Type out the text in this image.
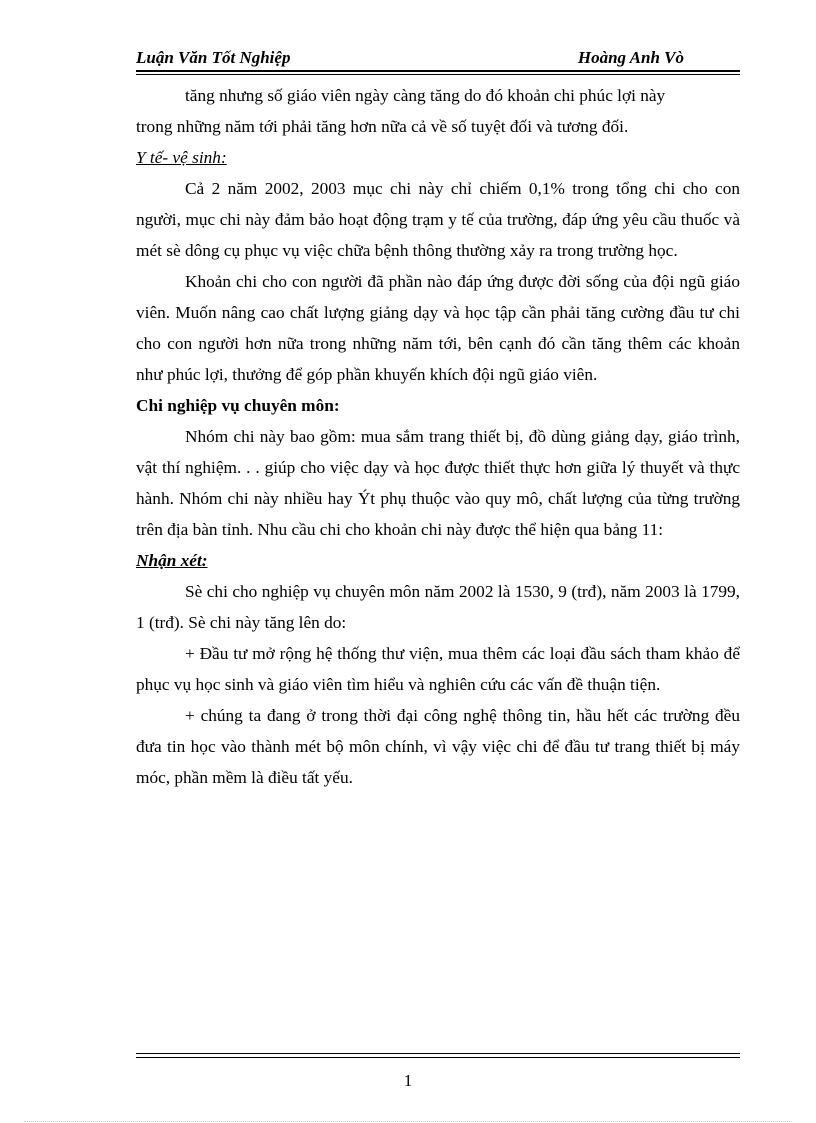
Luận Văn Tốt Nghiệp	Hoàng Anh Vò

tăng nhưng số giáo viên ngày càng tăng do đó khoản chi phúc lợi này
trong những năm tới phải tăng hơn nữa cả về số tuyệt đối và tương đối.

Y tế- vệ sinh:

Cả 2 năm 2002, 2003 mục chi này chỉ chiếm 0,1% trong tổng chi cho con người, mục chi này đảm bảo hoạt động trạm y tế của trường, đáp ứng yêu cầu thuốc và mét sè dông cụ phục vụ việc chữa bệnh thông thường xảy ra trong trường học.

Khoản chi cho con người đã phần nào đáp ứng được đời sống của đội ngũ giáo viên. Muốn nâng cao chất lượng giảng dạy và học tập cần phải tăng cường đầu tư chi cho con người hơn nữa trong những năm tới, bên cạnh đó cần tăng thêm các khoản như phúc lợi, thưởng để góp phần khuyến khích đội ngũ giáo viên.

Chi nghiệp vụ chuyên môn:

Nhóm chi này bao gồm: mua sắm trang thiết bị, đồ dùng giảng dạy, giáo trình, vật thí nghiệm. . . giúp cho việc dạy và học được thiết thực hơn giữa lý thuyết và thực hành. Nhóm chi này nhiều hay Ýt phụ thuộc vào quy mô, chất lượng của từng trường trên địa bàn tỉnh. Nhu cầu chi cho khoản chi này được thể hiện qua bảng 11:

Nhận xét:

Sè chi cho nghiệp vụ chuyên môn năm 2002 là 1530, 9 (trđ), năm 2003 là 1799, 1 (trđ). Sè chi này tăng lên do:

+ Đầu tư mở rộng hệ thống thư viện, mua thêm các loại đầu sách tham khảo để phục vụ học sinh và giáo viên tìm hiểu và nghiên cứu các vấn đề thuận tiện.

+ chúng ta đang ở trong thời đại công nghệ thông tin, hầu hết các trường đều đưa tin học vào thành mét bộ môn chính, vì vậy việc chi để đầu tư trang thiết bị máy móc, phần mềm là điều tất yếu.

1
